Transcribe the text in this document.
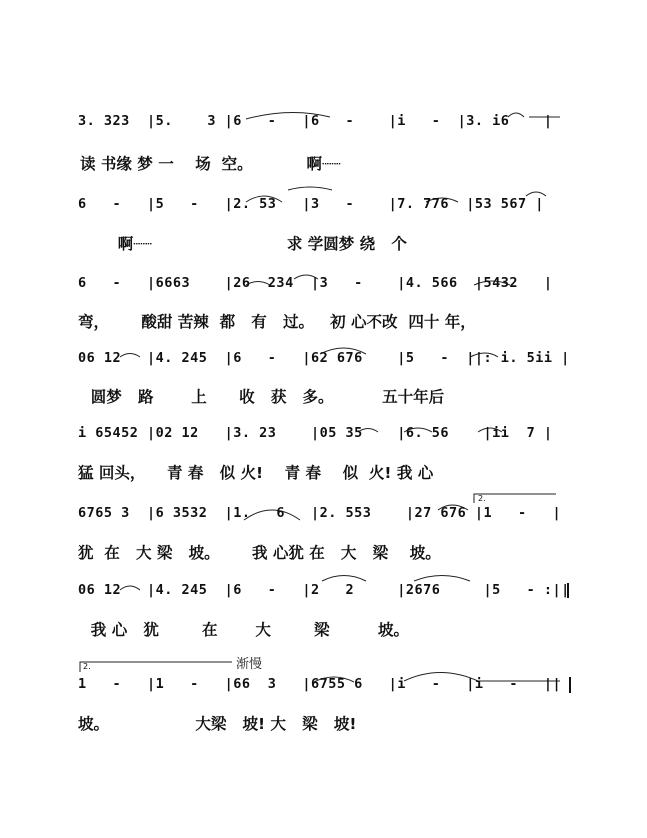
2.
2.	渐慢
3. 323  |5.    3 |6   -   |6   -    |i   -  |3. i6    |
读 书缘 梦 一    场  空。          啊┈┈
6   -   |5   -   |2. 53   |3   -    |7. 776  |53 567 |
啊┈┈                         求 学圆梦 绕   个
6   -   |6663    |26  234  |3   -    |4. 566  |5432   |
弯，      酸甜 苦辣  都   有   过。   初 心不改  四十 年，
06 12   |4. 245  |6   -   |62 676    |5   -  ||: i. 5ii |
圆梦   路       上      收   获   多。         五十年后
i 65452 |02 12   |3. 23    |05 35    |6. 56    |ii  7 |
猛 回头，    青 春   似 火!    青 春    似  火! 我 心
6765 3  |6 3532  |1.   6   |2. 553    |27 676 |1   -   |
犹  在   大 梁   坡。      我 心犹 在   大   梁    坡。
06 12   |4. 245  |6   -   |2   2     |2676     |5   - :||
我 心   犹        在       大        梁         坡。
1   -   |1   -   |66  3   |6755 6   |i   -   |i   -   ||
坡。                大梁   坡! 大   梁   坡!
